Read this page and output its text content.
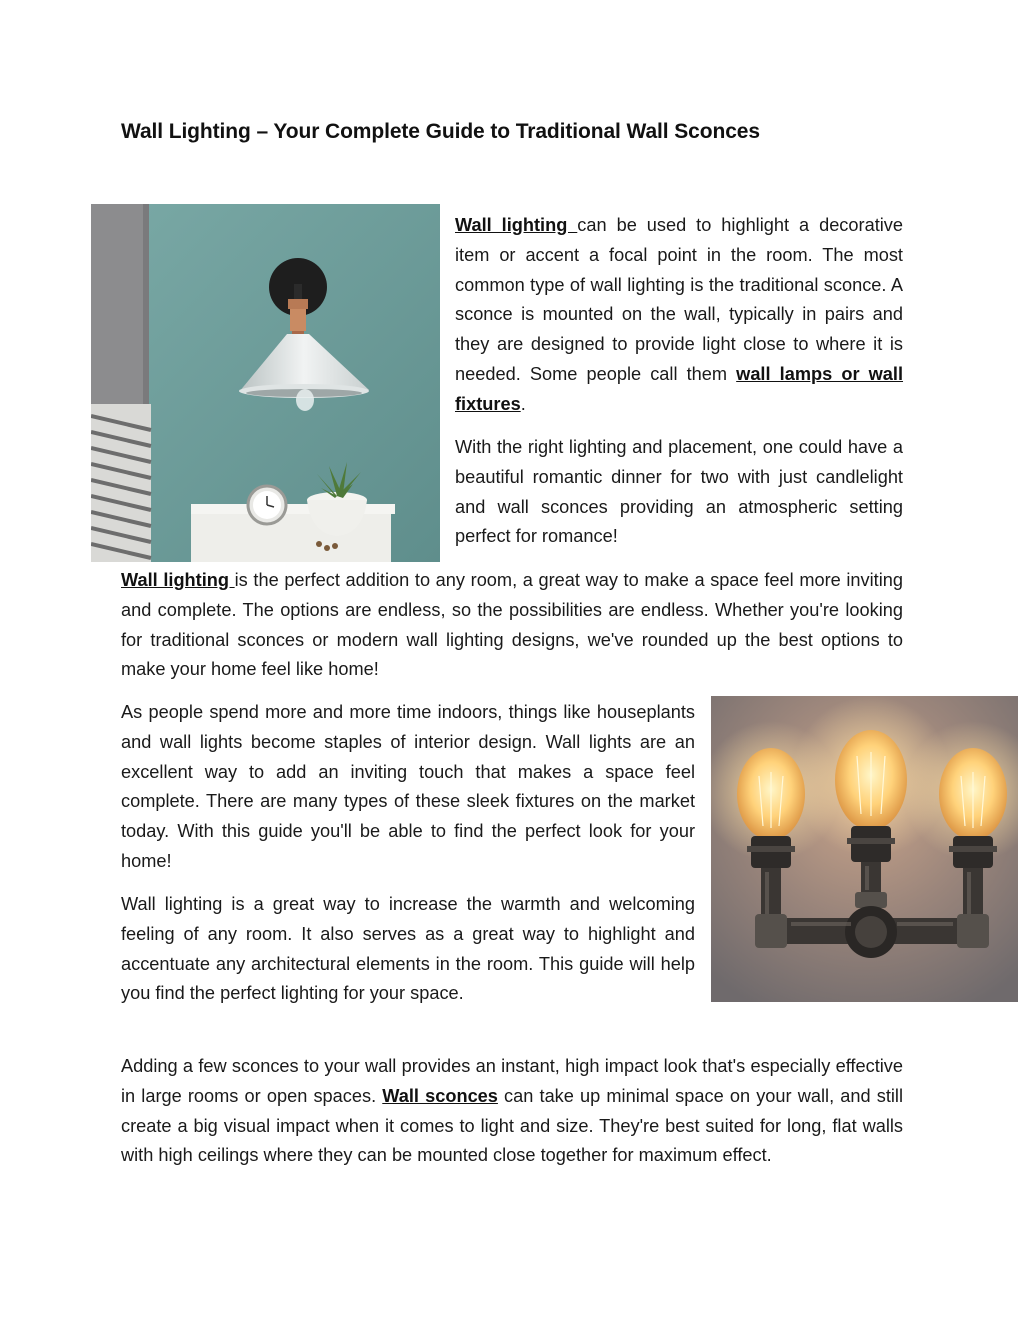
Wall Lighting – Your Complete Guide to Traditional Wall Sconces

Wall lighting can be used to highlight a decorative item or accent a focal point in the room. The most common type of wall lighting is the traditional sconce. A sconce is mounted on the wall, typically in pairs and they are designed to provide light close to where it is needed. Some people call them wall lamps or wall fixtures.

With the right lighting and placement, one could have a beautiful romantic dinner for two with just candlelight and wall sconces providing an atmospheric setting perfect for romance!

Wall lighting is the perfect addition to any room, a great way to make a space feel more inviting and complete. The options are endless, so the possibilities are endless. Whether you're looking for traditional sconces or modern wall lighting designs, we've rounded up the best options to make your home feel like home!

As people spend more and more time indoors, things like houseplants and wall lights become staples of interior design. Wall lights are an excellent way to add an inviting touch that makes a space feel complete. There are many types of these sleek fixtures on the market today. With this guide you'll be able to find the perfect look for your home!

Wall lighting is a great way to increase the warmth and welcoming feeling of any room. It also serves as a great way to highlight and accentuate any architectural elements in the room. This guide will help you find the perfect lighting for your space.

Adding a few sconces to your wall provides an instant, high impact look that's especially effective in large rooms or open spaces. Wall sconces can take up minimal space on your wall, and still create a big visual impact when it comes to light and size. They're best suited for long, flat walls with high ceilings where they can be mounted close together for maximum effect.
